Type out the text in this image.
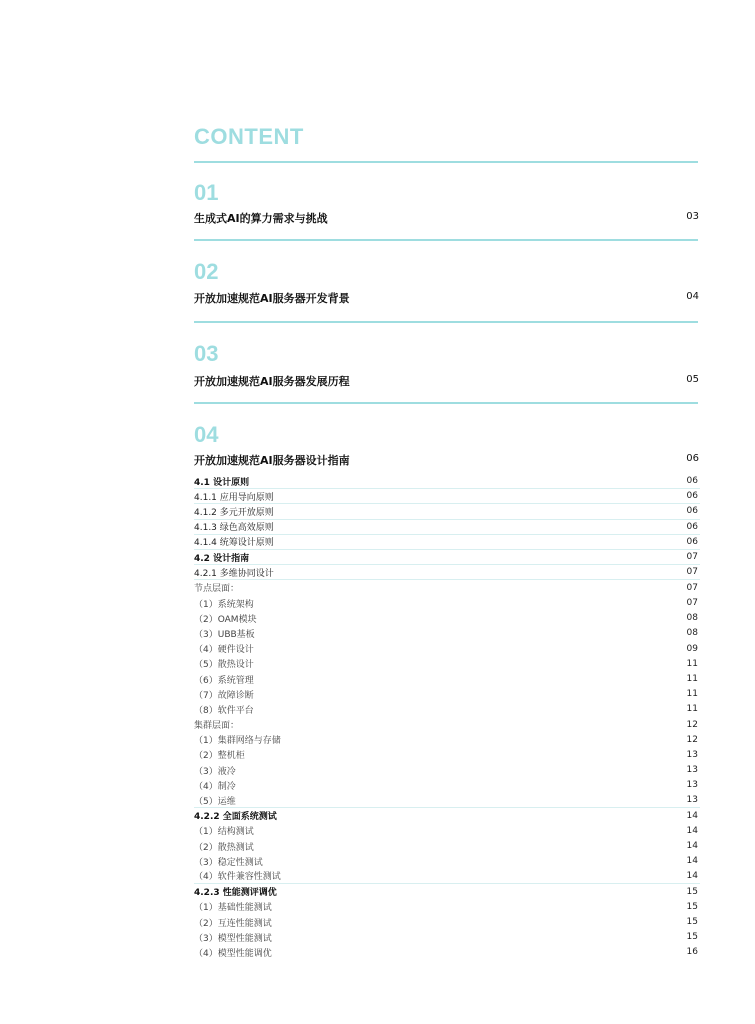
CONTENT
01
生成式AI的算力需求与挑战	03
02
开放加速规范AI服务器开发背景	04
03
开放加速规范AI服务器发展历程	05
04
开放加速规范AI服务器设计指南	06
4.1 设计原则	06
4.1.1 应用导向原则	06
4.1.2 多元开放原则	06
4.1.3 绿色高效原则	06
4.1.4 统筹设计原则	06
4.2 设计指南	07
4.2.1 多维协同设计	07
节点层面：	07
（1）系统架构	07
（2）OAM模块	08
（3）UBB基板	08
（4）硬件设计	09
（5）散热设计	11
（6）系统管理	11
（7）故障诊断	11
（8）软件平台	11
集群层面：	12
（1）集群网络与存储	12
（2）整机柜	13
（3）液冷	13
（4）制冷	13
（5）运维	13
4.2.2 全面系统测试	14
（1）结构测试	14
（2）散热测试	14
（3）稳定性测试	14
（4）软件兼容性测试	14
4.2.3 性能测评调优	15
（1）基础性能测试	15
（2）互连性能测试	15
（3）模型性能测试	15
（4）模型性能调优	16
